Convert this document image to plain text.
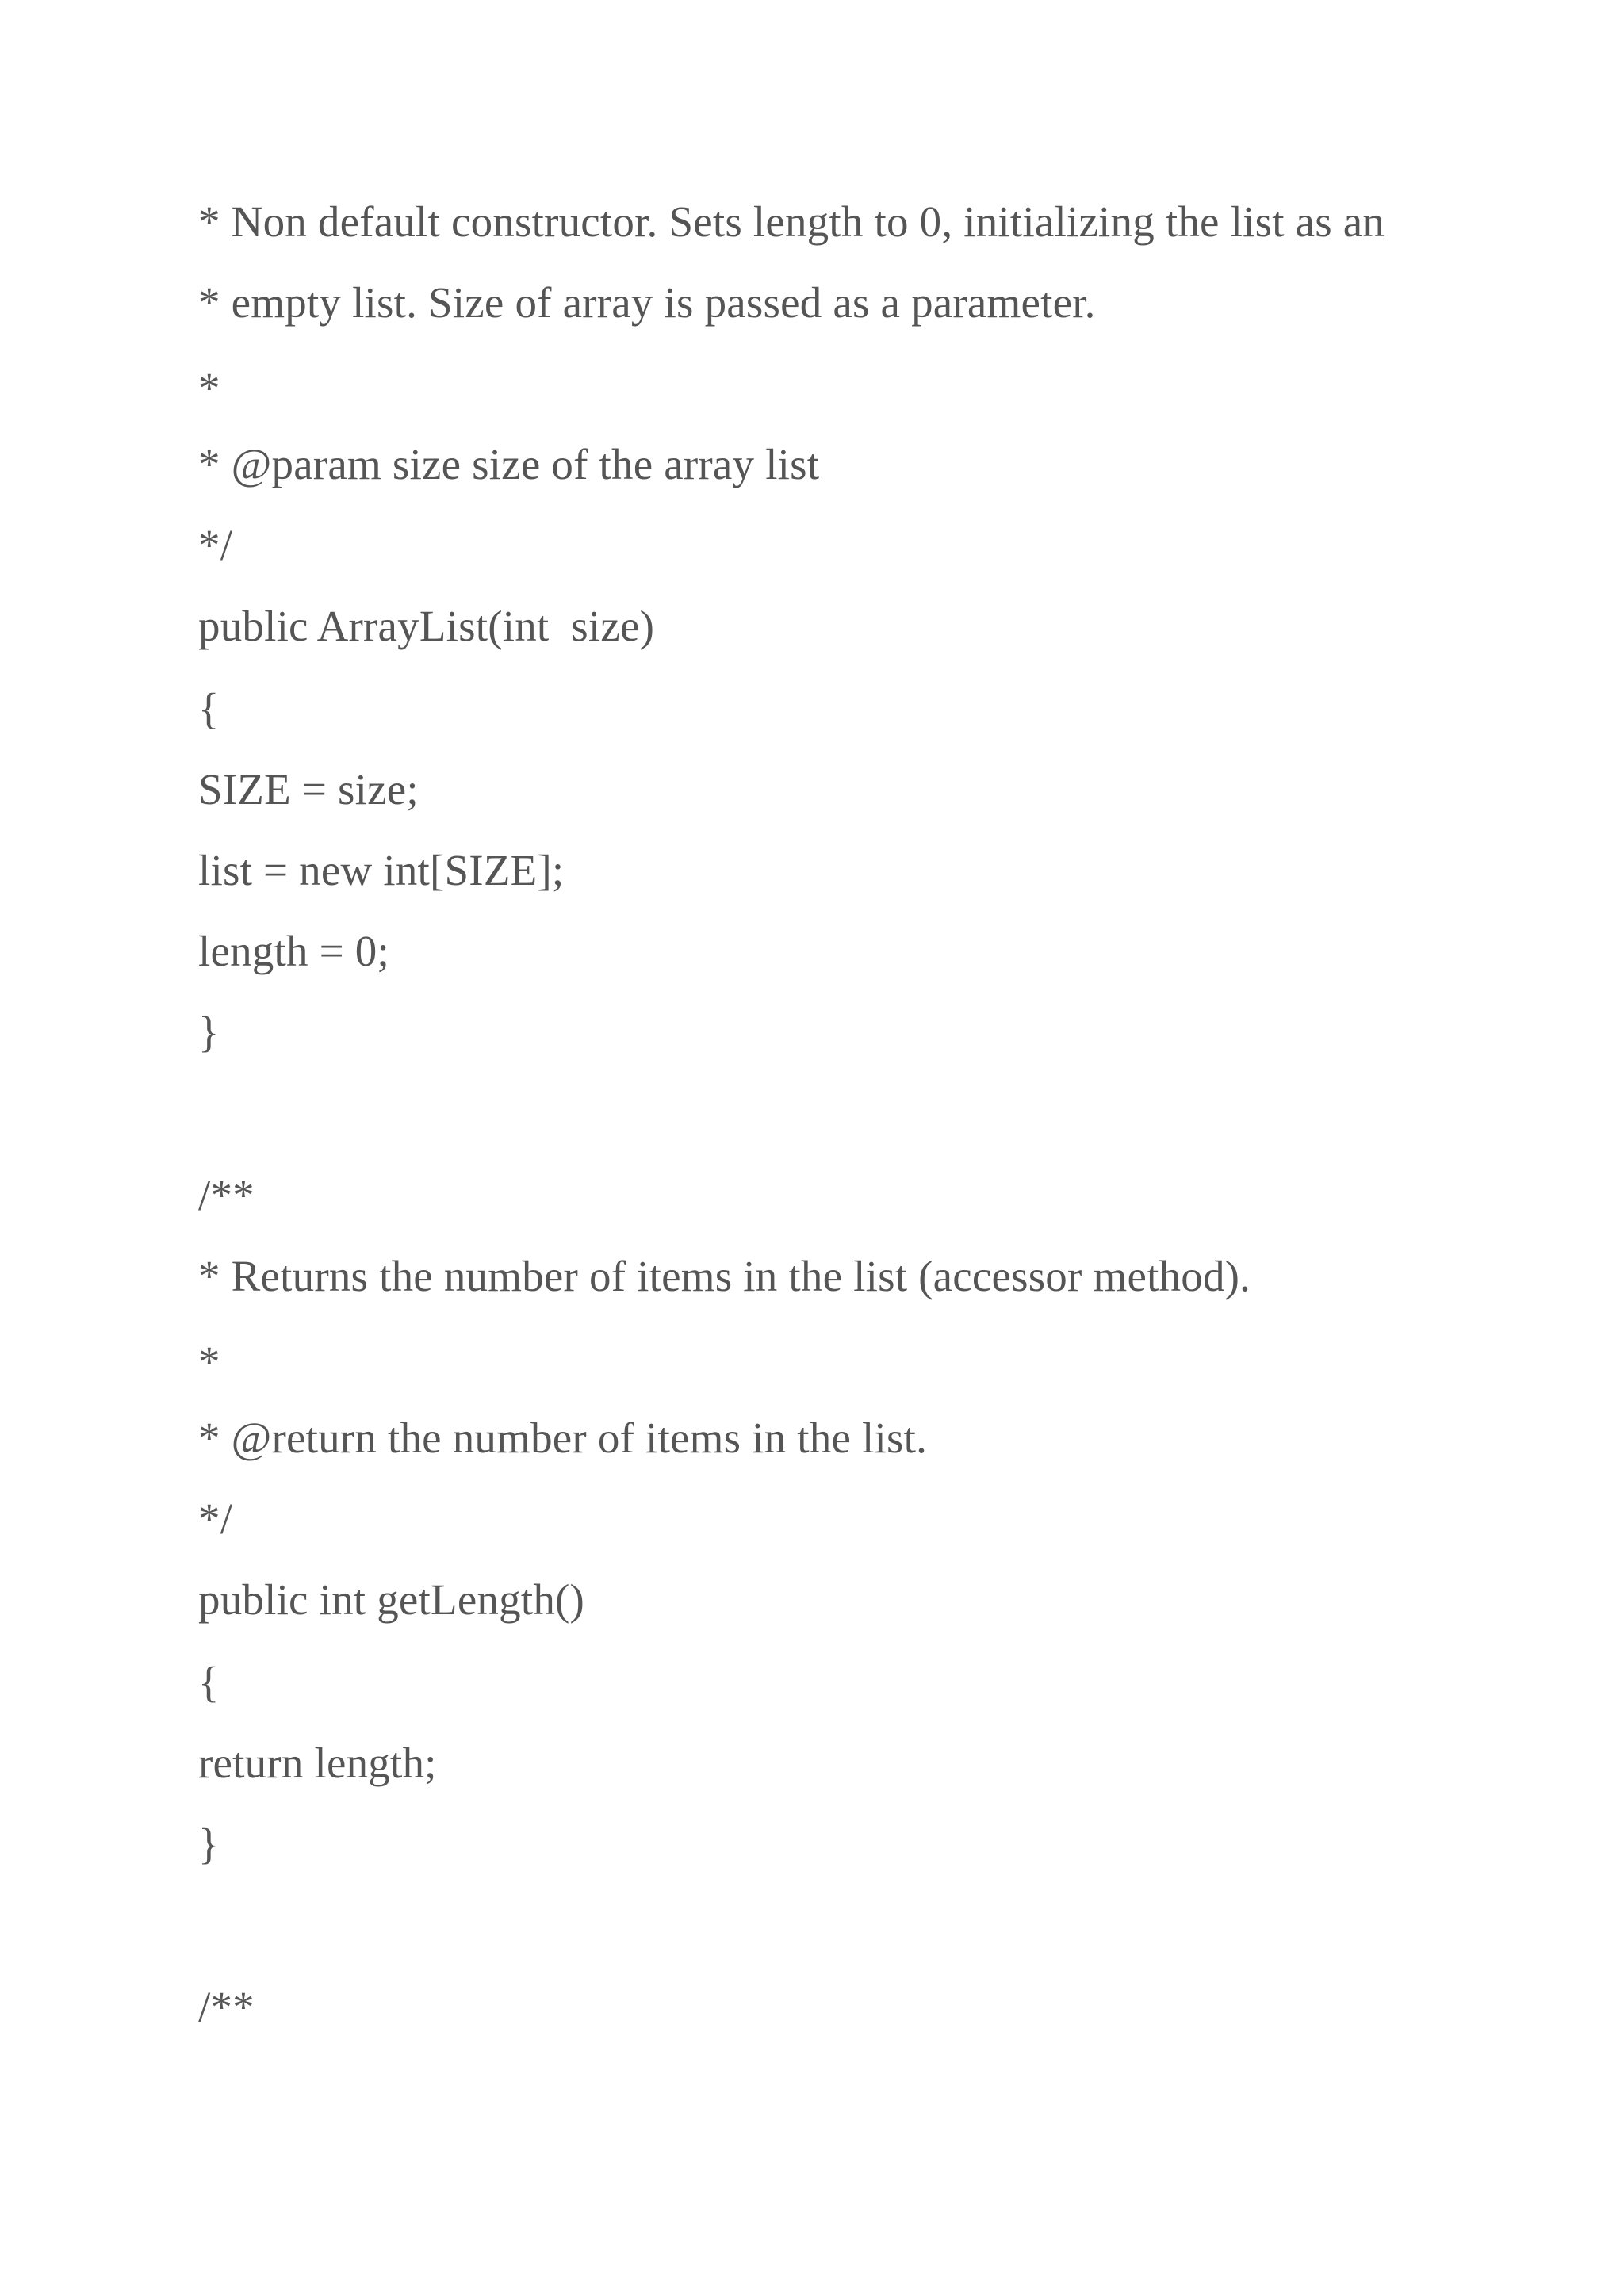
* Non default constructor. Sets length to 0, initializing the list as an
* empty list. Size of array is passed as a parameter.
*
* @param size size of the array list
*/
public ArrayList(int  size)
{
SIZE = size;
list = new int[SIZE];
length = 0;
}
/**
* Returns the number of items in the list (accessor method).
*
* @return the number of items in the list.
*/
public int getLength()
{
return length;
}
/**
